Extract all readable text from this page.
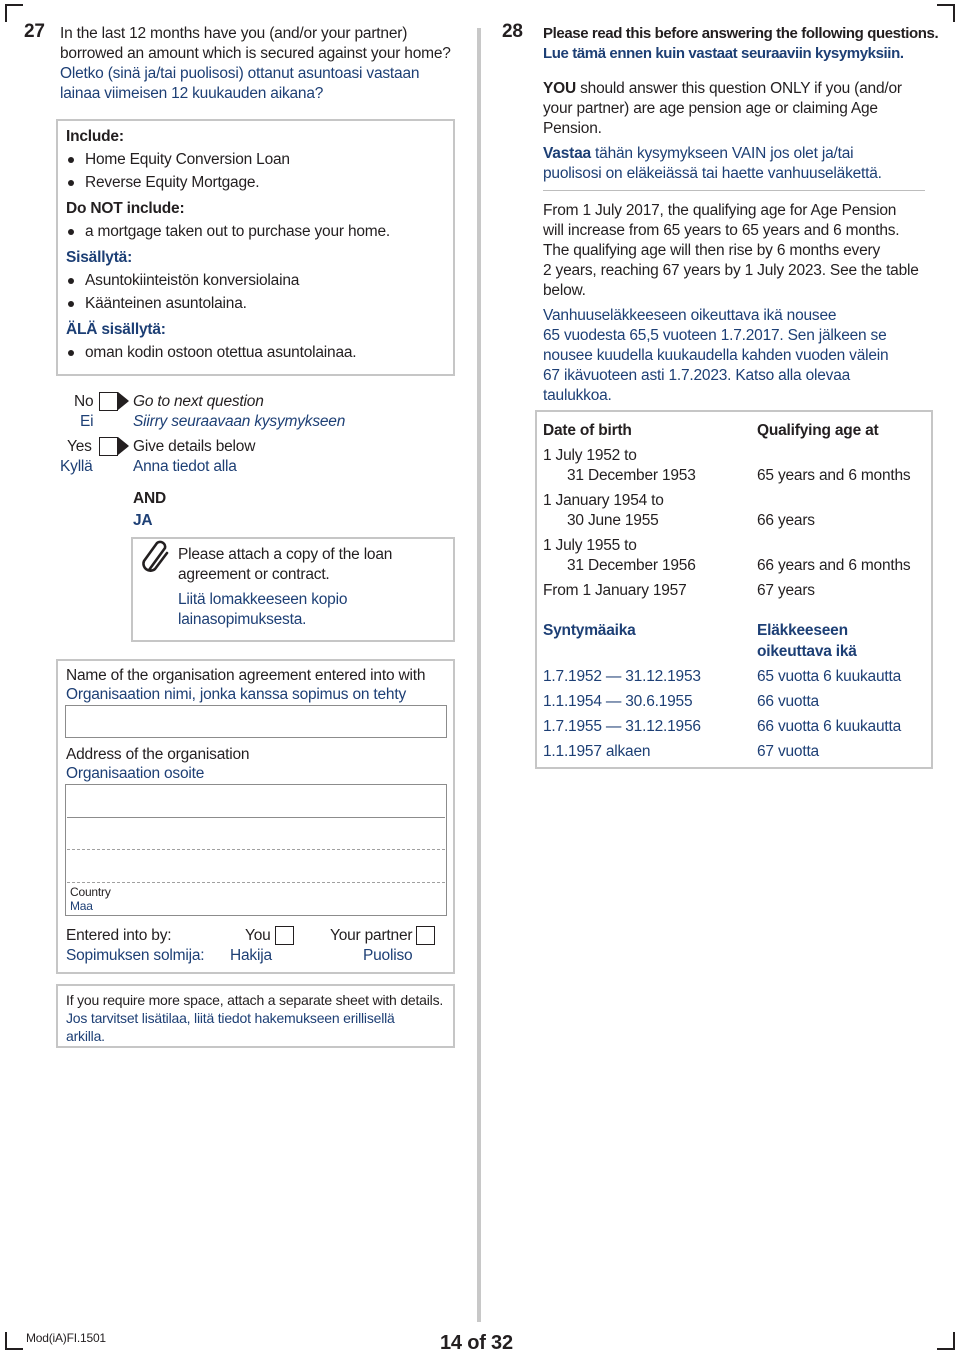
27 In the last 12 months have you (and/or your partner)
borrowed an amount which is secured against your home?
Oletko (sinä ja/tai puolisosi) ottanut asuntoasi vastaan
lainaa viimeisen 12 kuukauden aikana?
Include:
Home Equity Conversion Loan
Reverse Equity Mortgage.
Do NOT include:
a mortgage taken out to purchase your home.
Sisällytä:
Asuntokiinteistön konversiolaina
Käänteinen asuntolaina.
ÄLÄ sisällytä:
oman kodin ostoon otettua asuntolainaa.
No
Ei
Go to next question
Siirry seuraavaan kysymykseen
Yes
Kyllä
Give details below
Anna tiedot alla
AND
JA
Please attach a copy of the loan
agreement or contract.
Liitä lomakkeeseen kopio
lainasopimuksesta.
Name of the organisation agreement entered into with
Organisaation nimi, jonka kanssa sopimus on tehty
Address of the organisation
Organisaation osoite
Country
Maa
Entered into by:
Sopimuksen solmija:
You
Hakija
Your partner
Puoliso
If you require more space, attach a separate sheet with details.
Jos tarvitset lisätilaa, liitä tiedot hakemukseen erillisellä
arkilla.
28 Please read this before answering the following questions.
Lue tämä ennen kuin vastaat seuraaviin kysymyksiin.
YOU should answer this question ONLY if you (and/or
your partner) are age pension age or claiming Age
Pension.
Vastaa tähän kysymykseen VAIN jos olet ja/tai
puolisosi on eläkeiässä tai haette vanhuuseläkettä.
From 1 July 2017, the qualifying age for Age Pension
will increase from 65 years to 65 years and 6 months.
The qualifying age will then rise by 6 months every
2 years, reaching 67 years by 1 July 2023. See the table
below.
Vanhuuseläkkeeseen oikeuttava ikä nousee
65 vuodesta 65,5 vuoteen 1.7.2017. Sen jälkeen se
nousee kuudella kuukaudella kahden vuoden välein
67 ikävuoteen asti 1.7.2023. Katso alla olevaa
taulukkoa.
Date of birth	Qualifying age at
1 July 1952 to
31 December 1953	65 years and 6 months
1 January 1954 to
30 June 1955	66 years
1 July 1955 to
31 December 1956	66 years and 6 months
From 1 January 1957	67 years
Syntymäaika	Eläkkeeseen
oikeuttava ikä
1.7.1952 — 31.12.1953	65 vuotta 6 kuukautta
1.1.1954 — 30.6.1955	66 vuotta
1.7.1955 — 31.12.1956	66 vuotta 6 kuukautta
1.1.1957 alkaen	67 vuotta
Mod(iA)FI.1501	14 of 32
